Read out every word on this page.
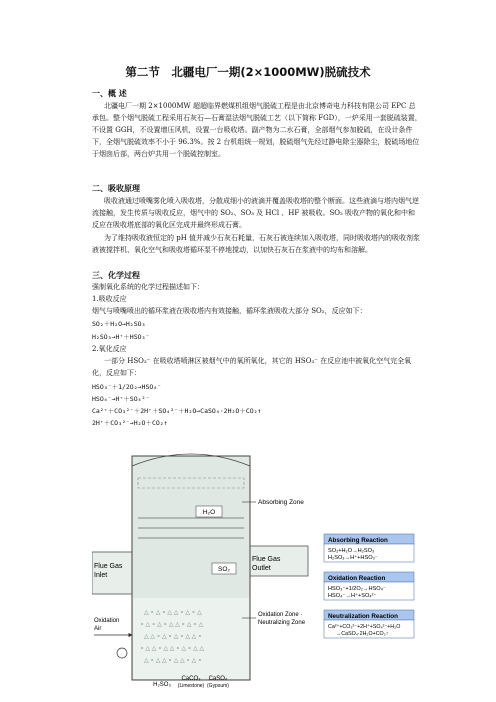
第二节　北疆电厂一期(2×1000MW)脱硫技术
一、概 述
北疆电厂一期 2×1000MW 超超临界燃煤机组烟气脱硫工程是由北京博奇电力科技有限公司 EPC 总承包。整个烟气脱硫工程采用石灰石—石膏湿法烟气脱硫工艺（以下简称 FGD），一炉采用一套脱硫装置，不设置 GGH，不设置增压风机，设置一台吸收塔。副产物为二水石膏，全部烟气参加脱硫，在设计条件下，全烟气脱硫效率不小于 96.3%。按 2 台机组统一规划，脱硫烟气先经过静电除尘器除尘，脱硫场地位于烟囱后部，两台炉共用一个脱硫控制室。
二、吸收原理
吸收液通过喷嘴雾化喷入吸收塔，分散成细小的液滴并覆盖吸收塔的整个断面。这些液滴与塔内烟气逆流接触，发生传质与吸收反应，烟气中的 SO₂、SO₃ 及 HCl 、HF 被吸收。SO₂ 吸收产物的氧化和中和反应在吸收塔底部的氧化区完成并最终形成石膏。
为了维持吸收液恒定的 pH 值并减少石灰石耗量，石灰石被连续加入吸收塔，同时吸收塔内的吸收剂浆液被搅拌机、氧化空气和吸收塔循环泵不停地搅动，以加快石灰石在浆液中的均布和溶解。
三、化学过程
强制氧化系统的化学过程描述如下：
1.吸收反应
烟气与喷嘴喷出的循环浆液在吸收塔内有效接触，循环浆液吸收大部分 SO₂，反应如下：
SO₂＋H₂O→H₂SO₃
H₂SO₃→H⁺＋HSO₃⁻
2.氧化反应
一部分 HSO₃⁻ 在吸收塔喷淋区被烟气中的氧所氧化，其它的 HSO₃⁻ 在反应池中被氧化空气完全氧化，反应如下：
HSO₃⁻＋1/2O₂→HSO₄⁻
HSO₄⁻→H⁺＋SO₄²⁻
Ca²⁺＋CO₃²⁻＋2H⁺＋SO₄²⁻＋H₂O→CaSO₄·2H₂O＋CO₂↑
2H⁺＋CO₃²⁻→H₂O＋CO₂↑
H₂O
SO₂
Absorbing Zone
△ ∘ △ ∘ △ △ ∘ △ ∘ △
∘ △ ∘ △ ∘ △ △ ∘ △ ∘ △
△ △ ∘ △ ∘ △ ∘ △ △ ∘
∘ △ △ ∘ △ △ ∘ △ ∘ △ △
△ ∘ △ △ ∘ △ △ ∘ △ ∘
Flue Gas
Inlet
Flue Gas
Outlet
Oxidation Zone ·
Neutralizing Zone
Oxidation
Air
H₂SO₃
CaCO₃
(Limestone)
CaSO₄
(Gypsum)
Absorbing Reaction
SO₂+H₂O→H₂SO₃
H₂SO₃→H⁺+HSO₃⁻
Oxidation Reaction
HSO₃⁻+1/2O₂→HSO₄⁻
HSO₄⁻→H⁺+SO₄²⁻
Neutralization Reaction
Ca²⁺+CO₃²⁻+2H⁺+SO₄²⁻+H₂O
→CaSO₄·2H₂O+CO₂↑
